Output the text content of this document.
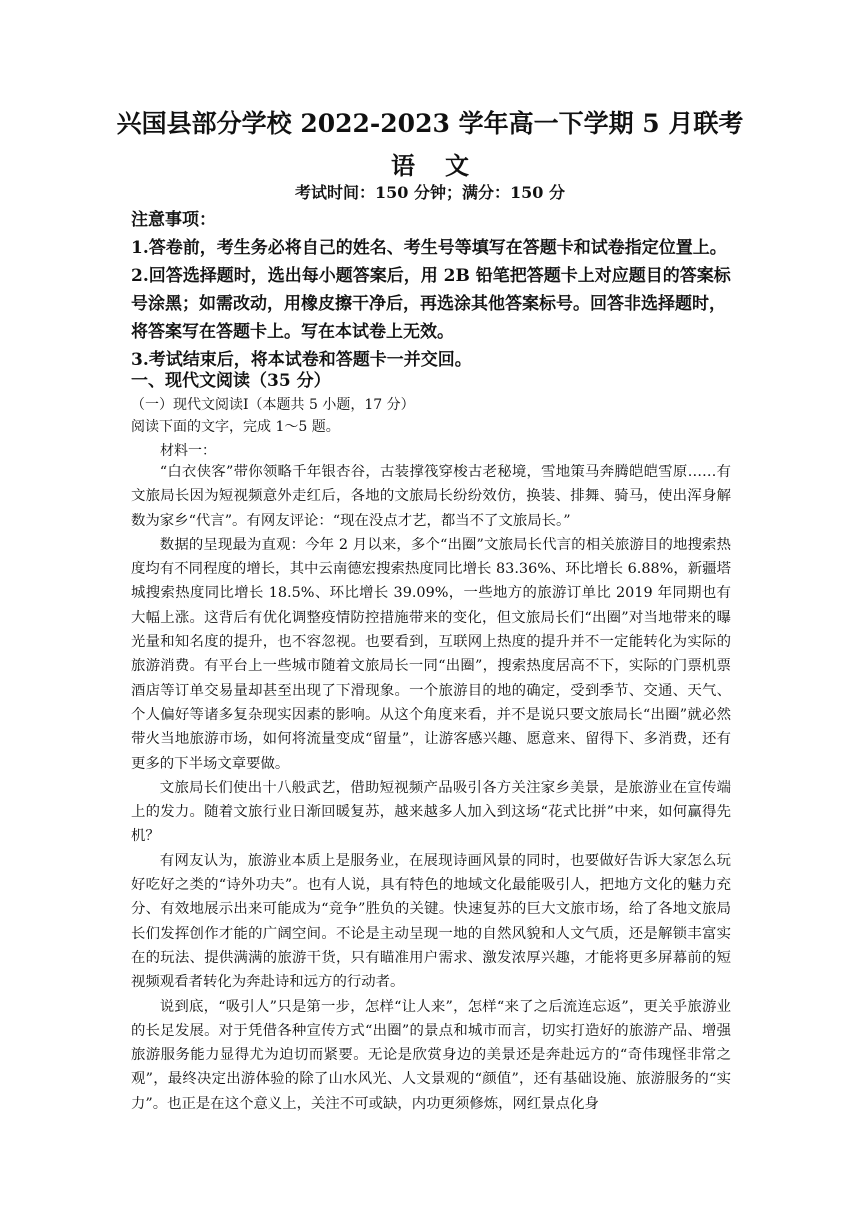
兴国县部分学校 2022-2023 学年高一下学期 5 月联考
语文
考试时间：150 分钟；满分：150 分

注意事项：

1.答卷前，考生务必将自己的姓名、考生号等填写在答题卡和试卷指定位置上。

2.回答选择题时，选出每小题答案后，用 2B 铅笔把答题卡上对应题目的答案标号涂黑；如需改动，用橡皮擦干净后，再选涂其他答案标号。回答非选择题时，将答案写在答题卡上。写在本试卷上无效。

3.考试结束后，将本试卷和答题卡一并交回。

一、现代文阅读（35 分）
（一）现代文阅读Ⅰ（本题共 5 小题，17 分）
阅读下面的文字，完成 1～5 题。
材料一：

“白衣侠客”带你领略千年银杏谷，古装撑筏穿梭古老秘境，雪地策马奔腾皑皑雪原……有文旅局长因为短视频意外走红后，各地的文旅局长纷纷效仿，换装、排舞、骑马，使出浑身解数为家乡“代言”。有网友评论：“现在没点才艺，都当不了文旅局长。”

数据的呈现最为直观：今年 2 月以来，多个“出圈”文旅局长代言的相关旅游目的地搜索热度均有不同程度的增长，其中云南德宏搜索热度同比增长 83.36%、环比增长 6.88%，新疆塔城搜索热度同比增长 18.5%、环比增长 39.09%，一些地方的旅游订单比 2019 年同期也有大幅上涨。这背后有优化调整疫情防控措施带来的变化，但文旅局长们“出圈”对当地带来的曝光量和知名度的提升，也不容忽视。也要看到，互联网上热度的提升并不一定能转化为实际的旅游消费。有平台上一些城市随着文旅局长一同“出圈”，搜索热度居高不下，实际的门票机票酒店等订单交易量却甚至出现了下滑现象。一个旅游目的地的确定，受到季节、交通、天气、个人偏好等诸多复杂现实因素的影响。从这个角度来看，并不是说只要文旅局长“出圈”就必然带火当地旅游市场，如何将流量变成“留量”，让游客感兴趣、愿意来、留得下、多消费，还有更多的下半场文章要做。

文旅局长们使出十八般武艺，借助短视频产品吸引各方关注家乡美景，是旅游业在宣传端上的发力。随着文旅行业日渐回暖复苏，越来越多人加入到这场“花式比拼”中来，如何赢得先机？

有网友认为，旅游业本质上是服务业，在展现诗画风景的同时，也要做好告诉大家怎么玩好吃好之类的“诗外功夫”。也有人说，具有特色的地域文化最能吸引人，把地方文化的魅力充分、有效地展示出来可能成为“竞争”胜负的关键。快速复苏的巨大文旅市场，给了各地文旅局长们发挥创作才能的广阔空间。不论是主动呈现一地的自然风貌和人文气质，还是解锁丰富实在的玩法、提供满满的旅游干货，只有瞄准用户需求、激发浓厚兴趣，才能将更多屏幕前的短视频观看者转化为奔赴诗和远方的行动者。

说到底，“吸引人”只是第一步，怎样“让人来”，怎样“来了之后流连忘返”，更关乎旅游业的长足发展。对于凭借各种宣传方式“出圈”的景点和城市而言，切实打造好的旅游产品、增强旅游服务能力显得尤为迫切而紧要。无论是欣赏身边的美景还是奔赴远方的“奇伟瑰怪非常之观”，最终决定出游体验的除了山水风光、人文景观的“颜值”，还有基础设施、旅游服务的“实力”。也正是在这个意义上，关注不可或缺，内功更须修炼，网红景点化身
